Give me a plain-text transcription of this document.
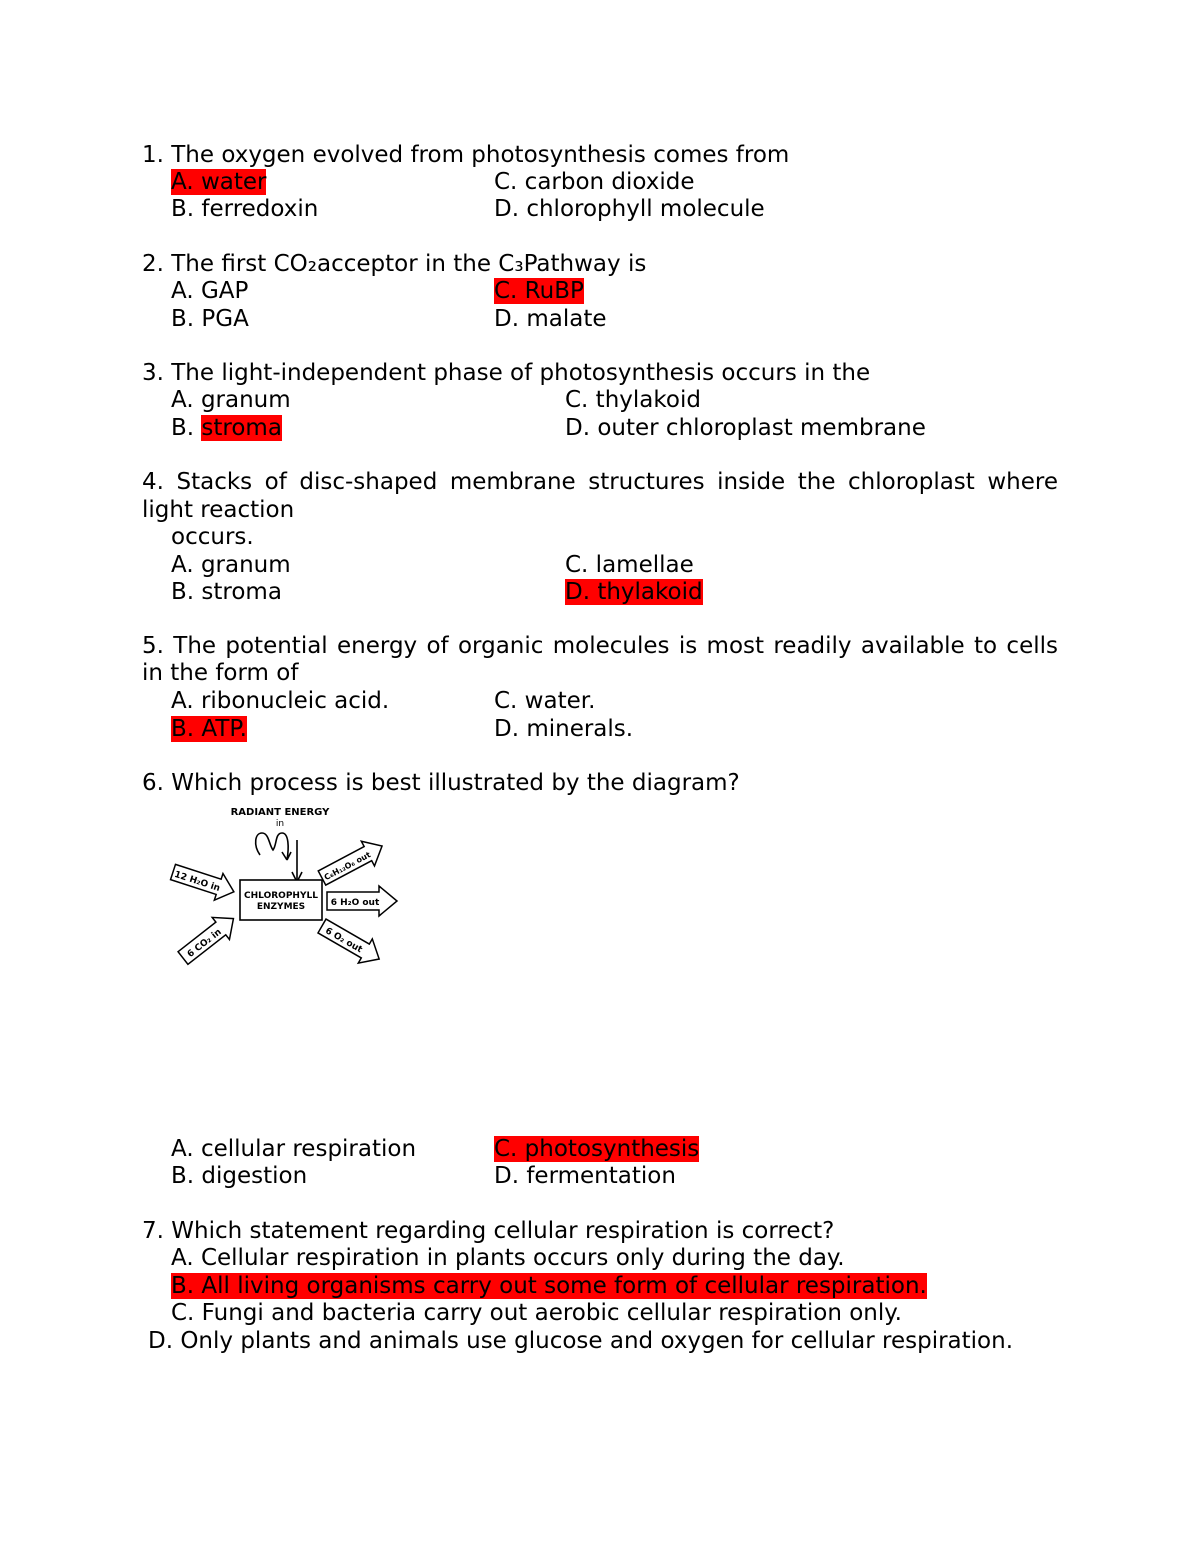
1. The oxygen evolved from photosynthesis comes from
A. water	C. carbon dioxide
B. ferredoxin	D. chlorophyll molecule
2. The first CO₂acceptor in the C₃Pathway is
A. GAP	C. RuBP
B. PGA	D. malate
3. The light-independent phase of photosynthesis occurs in the
A. granum	C. thylakoid
B. stroma	D. outer chloroplast membrane
4. Stacks of disc-shaped membrane structures inside the chloroplast where
light reaction
occurs.
A. granum	C. lamellae
B. stroma	D. thylakoid
5. The potential energy of organic molecules is most readily available to cells
in the form of
A. ribonucleic acid.	C. water.
B. ATP.	D. minerals.
6. Which process is best illustrated by the diagram?
RADIANT ENERGY
in
CHLOROPHYLL
ENZYMES
12 H₂O in
6 CO₂ in
C₆H₁₂O₆ out
6 H₂O out
6 O₂ out
A. cellular respiration	C. photosynthesis
B. digestion	D. fermentation
7. Which statement regarding cellular respiration is correct?
A. Cellular respiration in plants occurs only during the day.
B. All living organisms carry out some form of cellular respiration.
C. Fungi and bacteria carry out aerobic cellular respiration only.
D. Only plants and animals use glucose and oxygen for cellular respiration.
